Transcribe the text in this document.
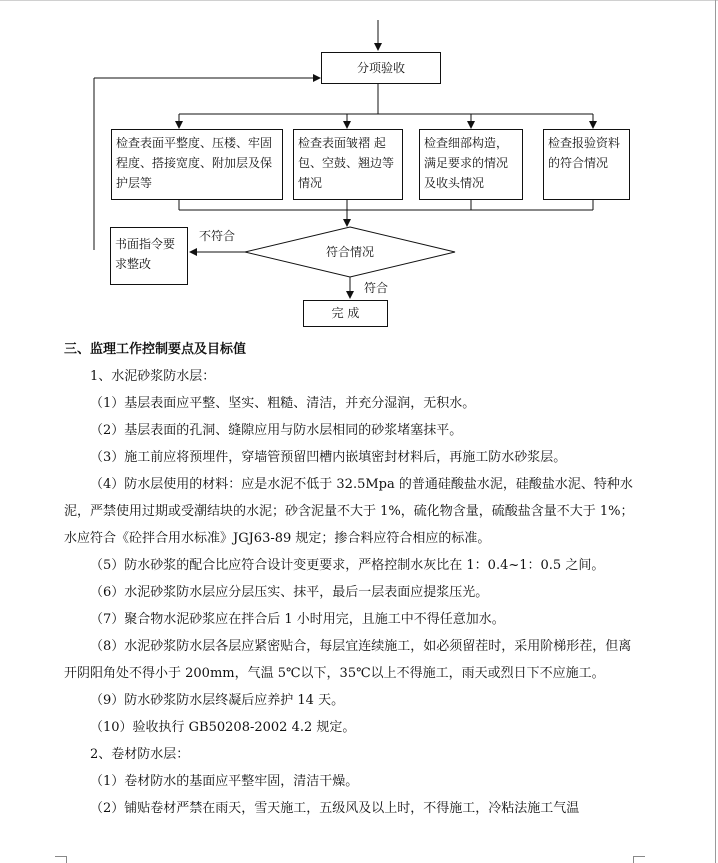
分项验收
检查表面平整度、压楼、牢固程度、搭接宽度、附加层及保护层等
检查表面皱褶 起包、空鼓、翘边等情况
检查细部构造，满足要求的情况及收头情况
检查报验资料的符合情况
书面指令要求整改
不符合
符合情况
符合
完 成

三、监理工作控制要点及目标值

1、水泥砂浆防水层：

（1）基层表面应平整、坚实、粗糙、清洁，并充分湿润，无积水。

（2）基层表面的孔洞、缝隙应用与防水层相同的砂浆堵塞抹平。

（3）施工前应将预埋件，穿墙管预留凹槽内嵌填密封材料后，再施工防水砂浆层。

（4）防水层使用的材料：应是水泥不低于 32.5Mpa 的普通硅酸盐水泥，硅酸盐水泥、特种水泥，严禁使用过期或受潮结块的水泥；砂含泥量不大于 1%，硫化物含量，硫酸盐含量不大于 1%；水应符合《砼拌合用水标准》JGJ63-89 规定；掺合料应符合相应的标准。

（5）防水砂浆的配合比应符合设计变更要求，严格控制水灰比在 1：0.4~1：0.5 之间。

（6）水泥砂浆防水层应分层压实、抹平，最后一层表面应提浆压光。

（7）聚合物水泥砂浆应在拌合后 1 小时用完，且施工中不得任意加水。

（8）水泥砂浆防水层各层应紧密贴合，每层宜连续施工，如必须留茬时，采用阶梯形茬，但离开阴阳角处不得小于 200mm，气温 5℃以下，35℃以上不得施工，雨天或烈日下不应施工。

（9）防水砂浆防水层终凝后应养护 14 天。

（10）验收执行 GB50208-2002 4.2 规定。

2、卷材防水层：

（1）卷材防水的基面应平整牢固，清洁干燥。

（2）铺贴卷材严禁在雨天，雪天施工，五级风及以上时，不得施工，冷粘法施工气温
